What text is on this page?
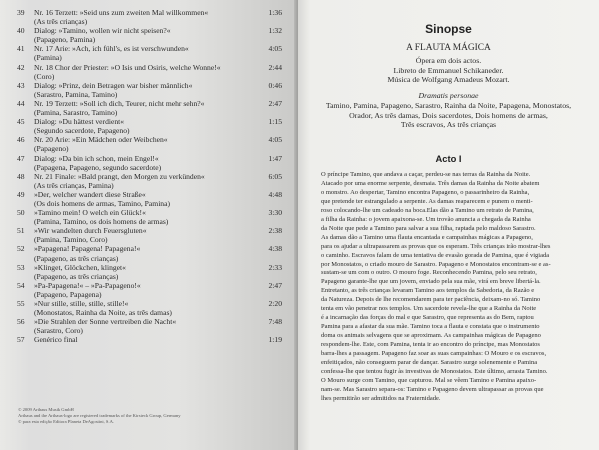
39	Nr. 16 Terzett: »Seid uns zum zweiten Mal willkommen«	1:36
(As três crianças)
40	Dialog: »Tamino, wollen wir nicht speisen?«	1:32
(Papageno, Pamina)
41	Nr. 17 Arie: »Ach, ich fühl's, es ist verschwunden«	4:05
(Pamina)
42	Nr. 18 Chor der Priester: »O Isis und Osiris, welche Wonne!«	2:44
(Coro)
43	Dialog: »Prinz, dein Betragen war bisher männlich«	0:46
(Sarastro, Pamina, Tamino)
44	Nr. 19 Terzett: »Soll ich dich, Teurer, nicht mehr sehn?«	2:47
(Pamina, Sarastro, Tamino)
45	Dialog: »Du hättest verdient«	1:15
(Segundo sacerdote, Papageno)
46	Nr. 20 Arie: »Ein Mädchen oder Weibchen«	4:05
(Papageno)
47	Dialog: »Da bin ich schon, mein Engel!«	1:47
(Papagena, Papageno, segundo sacerdote)
48	Nr. 21 Finale: »Bald prangt, den Morgen zu verkünden«	6:05
(As três crianças, Pamina)
49	»Der, welcher wandert diese Straße«	4:48
(Os dois homens de armas, Tamino, Pamina)
50	»Tamino mein! O welch ein Glück!«	3:30
(Pamina, Tamino, os dois homens de armas)
51	»Wir wandelten durch Feuersgluten«	2:38
(Pamina, Tamino, Coro)
52	»Papagena! Papagena! Papagena!«	4:38
(Papageno, as três crianças)
53	»Klinget, Glöckchen, klinget«	2:33
(Papageno, as três crianças)
54	»Pa-Papagena!« – »Pa-Papageno!«	2:47
(Papageno, Papagena)
55	»Nur stille, stille, stille, stille!«	2:20
(Monostatos, Rainha da Noite, as três damas)
56	»Die Strahlen der Sonne vertreiben die Nacht«	7:48
(Sarastro, Coro)
57	Genérico final	1:19
© 2009 Arthaus Musik GmbH
Arthaus and the Arthaus-logo are registered trademarks of the Kirsteck Group, Germany
© para esta edição Editora Planeta DeAgostini, S.A.
Sinopse
A FLAUTA MÁGICA
Ópera em dois actos.
Libreto de Emmanuel Schikaneder.
Música de Wolfgang Amadeus Mozart.
Dramatis personae
Tamino, Pamina, Papageno, Sarastro, Rainha da Noite, Papagena, Monostatos,
Orador, As três damas, Dois sacerdotes, Dois homens de armas,
Três escravos, As três crianças
Acto I
O príncipe Tamino, que andava a caçar, perdeu-se nas terras da Rainha da Noite.
Atacado por uma enorme serpente, desmaia. Três damas da Rainha da Noite abatem
o monstro. Ao despertar, Tamino encontra Papageno, o passarinheiro da Rainha,
que pretende ter estrangulado a serpente. As damas reaparecem e punem o menti-
roso colocando-lhe um cadeado na boca.Elas dão a Tamino um retrato de Pamina,
a filha da Rainha: o jovem apaixona-se. Um trovão anuncia a chegada da Rainha
da Noite que pede a Tamino para salvar a sua filha, raptada pelo maldoso Sarastro.
As damas dão a Tamino uma flauta encantada e campainhas mágicas a Papageno,
para os ajudar a ultrapassarem as provas que os esperam. Três crianças irão mostrar-lhes
o caminho. Escravos falam de uma tentativa de evasão gorada de Pamina, que é vigiada
por Monostatos, o criado mouro de Sarastro. Papageno e Monostatos encontram-se e as-
sustam-se um com o outro. O mouro foge. Reconhecendo Pamina, pelo seu retrato,
Papageno garante-lhe que um jovem, enviado pela sua mãe, virá em breve libertá-la.
Entretanto, as três crianças levaram Tamino aos templos da Sabedoria, da Razão e
da Natureza. Depois de lhe recomendarem para ter paciência, deixam-no só. Tamino
tenta em vão penetrar nos templos. Um sacerdote revela-lhe que a Rainha da Noite
é a incarnação das forças do mal e que Sarastro, que representa as do Bem, raptou
Pamina para a afastar da sua mãe. Tamino toca a flauta e constata que o instrumento
doma os animais selvagens que se aproximam. As campainhas mágicas de Papageno
respondem-lhe. Este, com Pamina, tenta ir ao encontro do príncipe, mas Monostatos
barra-lhes a passagem. Papageno faz soar as suas campainhas: O Mouro e os escravos,
enfeitiçados, não conseguem parar de dançar. Sarastro surge solenemente e Pamina
confessa-lhe que tentou fugir às investivas de Monostatos. Este último, arrasta Tamino.
O Mouro surge com Tamino, que capturou. Mal se vêem Tamino e Pamina apaixo-
nam-se. Mas Sarastro separa-os: Tamino e Papageno devem ultrapassar as provas que
lhes permitirão ser admitidos na Fraternidade.
